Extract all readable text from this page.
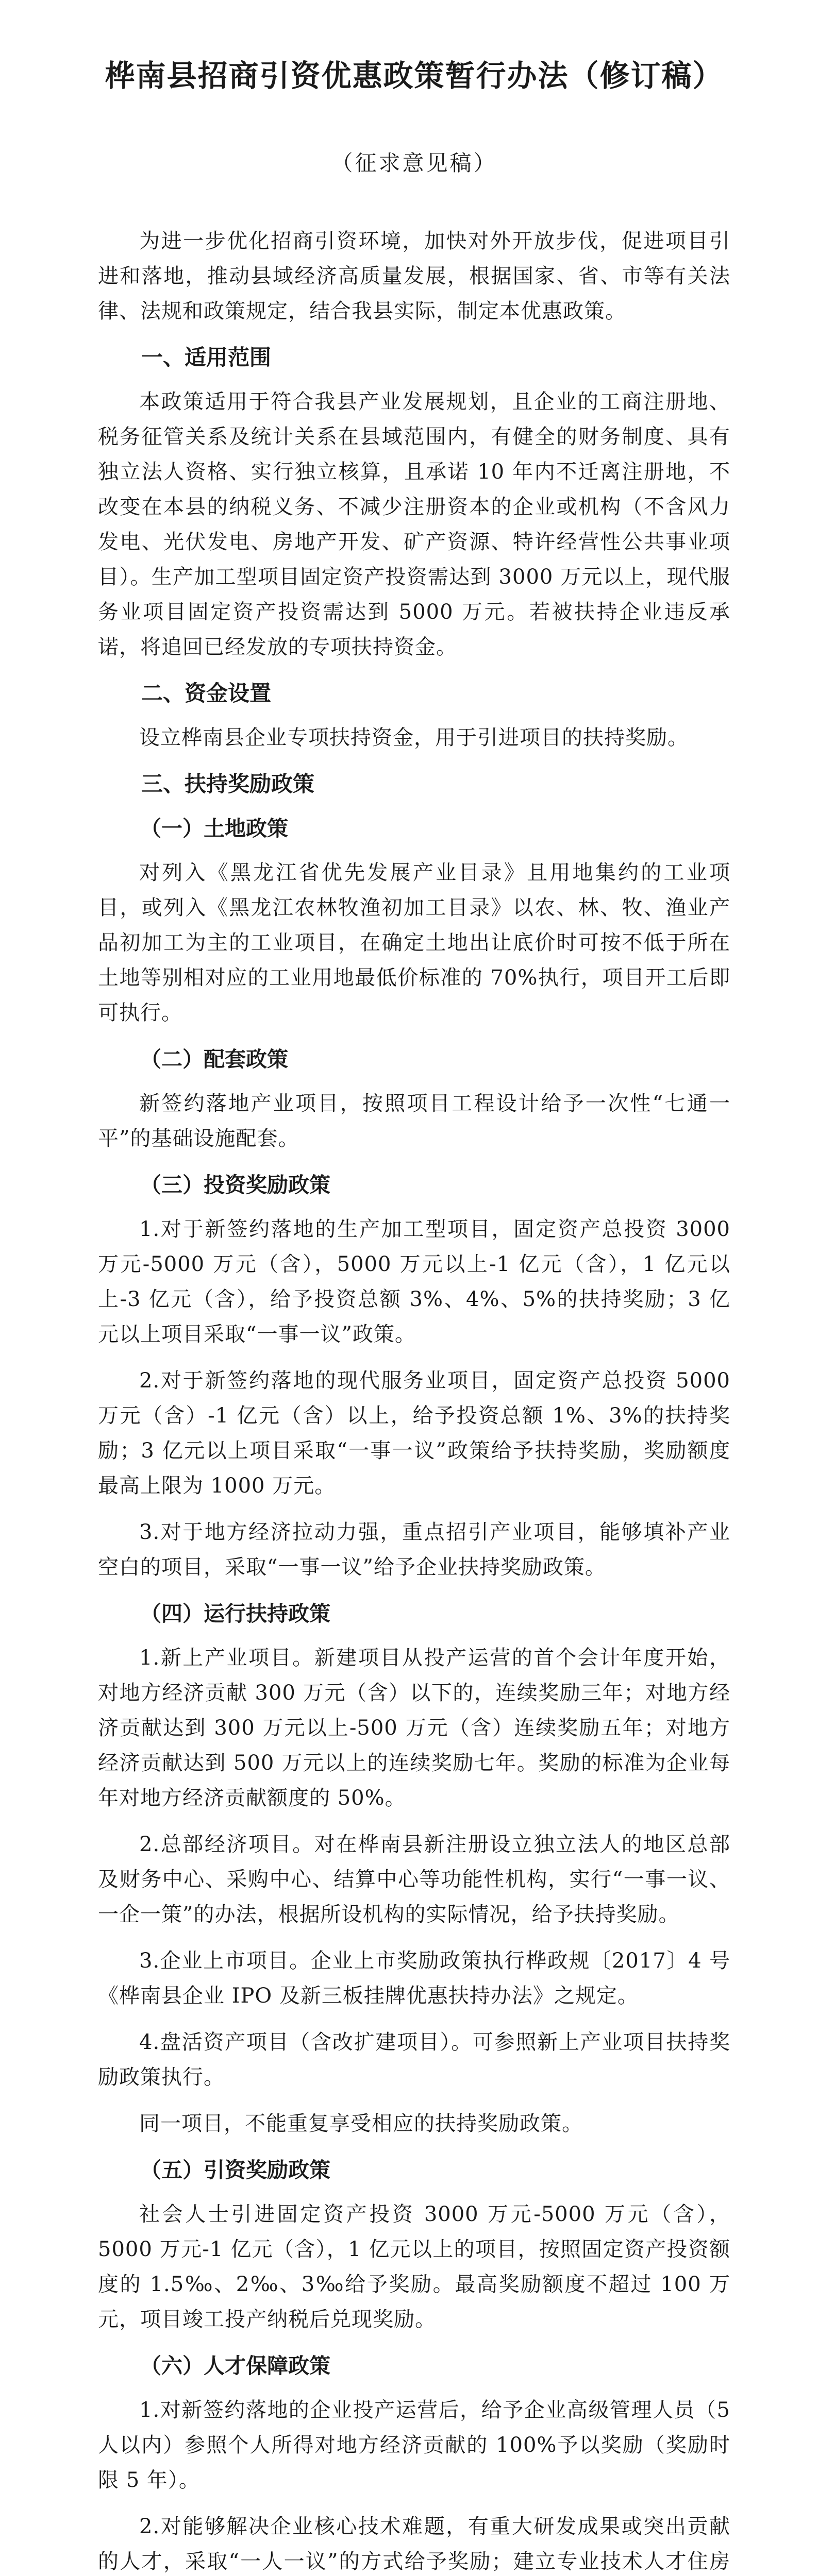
桦南县招商引资优惠政策暂行办法（修订稿）
（征求意见稿）

为进一步优化招商引资环境，加快对外开放步伐，促进项目引进和落地，推动县域经济高质量发展，根据国家、省、市等有关法律、法规和政策规定，结合我县实际，制定本优惠政策。

一、适用范围

本政策适用于符合我县产业发展规划，且企业的工商注册地、税务征管关系及统计关系在县域范围内，有健全的财务制度、具有独立法人资格、实行独立核算，且承诺 10 年内不迁离注册地，不改变在本县的纳税义务、不减少注册资本的企业或机构（不含风力发电、光伏发电、房地产开发、矿产资源、特许经营性公共事业项目）。生产加工型项目固定资产投资需达到 3000 万元以上，现代服务业项目固定资产投资需达到 5000 万元。若被扶持企业违反承诺，将追回已经发放的专项扶持资金。

二、资金设置

设立桦南县企业专项扶持资金，用于引进项目的扶持奖励。

三、扶持奖励政策
（一）土地政策

对列入《黑龙江省优先发展产业目录》且用地集约的工业项目，或列入《黑龙江农林牧渔初加工目录》以农、林、牧、渔业产品初加工为主的工业项目，在确定土地出让底价时可按不低于所在土地等别相对应的工业用地最低价标准的 70%执行，项目开工后即可执行。

（二）配套政策

新签约落地产业项目，按照项目工程设计给予一次性“七通一平”的基础设施配套。

（三）投资奖励政策

1.对于新签约落地的生产加工型项目，固定资产总投资 3000 万元-5000 万元（含），5000 万元以上-1 亿元（含），1 亿元以上-3 亿元（含），给予投资总额 3%、4%、5%的扶持奖励；3 亿元以上项目采取“一事一议”政策。

2.对于新签约落地的现代服务业项目，固定资产总投资 5000 万元（含）-1 亿元（含）以上，给予投资总额 1%、3%的扶持奖励；3 亿元以上项目采取“一事一议”政策给予扶持奖励，奖励额度最高上限为 1000 万元。

3.对于地方经济拉动力强，重点招引产业项目，能够填补产业空白的项目，采取“一事一议”给予企业扶持奖励政策。

（四）运行扶持政策

1.新上产业项目。新建项目从投产运营的首个会计年度开始，对地方经济贡献 300 万元（含）以下的，连续奖励三年；对地方经济贡献达到 300 万元以上-500 万元（含）连续奖励五年；对地方经济贡献达到 500 万元以上的连续奖励七年。奖励的标准为企业每年对地方经济贡献额度的 50%。

2.总部经济项目。对在桦南县新注册设立独立法人的地区总部及财务中心、采购中心、结算中心等功能性机构，实行“一事一议、一企一策”的办法，根据所设机构的实际情况，给予扶持奖励。

3.企业上市项目。企业上市奖励政策执行桦政规〔2017〕4 号《桦南县企业 IPO 及新三板挂牌优惠扶持办法》之规定。

4.盘活资产项目（含改扩建项目）。可参照新上产业项目扶持奖励政策执行。

同一项目，不能重复享受相应的扶持奖励政策。

（五）引资奖励政策

社会人士引进固定资产投资 3000 万元-5000 万元（含），5000 万元-1 亿元（含），1 亿元以上的项目，按照固定资产投资额度的 1.5‰、2‰、3‰给予奖励。最高奖励额度不超过 100 万元，项目竣工投产纳税后兑现奖励。

（六）人才保障政策

1.对新签约落地的企业投产运营后，给予企业高级管理人员（5 人以内）参照个人所得对地方经济贡献的 100%予以奖励（奖励时限 5 年）。

2.对能够解决企业核心技术难题，有重大研发成果或突出贡献的人才，采取“一人一议”的方式给予奖励；建立专业技术人才住房
